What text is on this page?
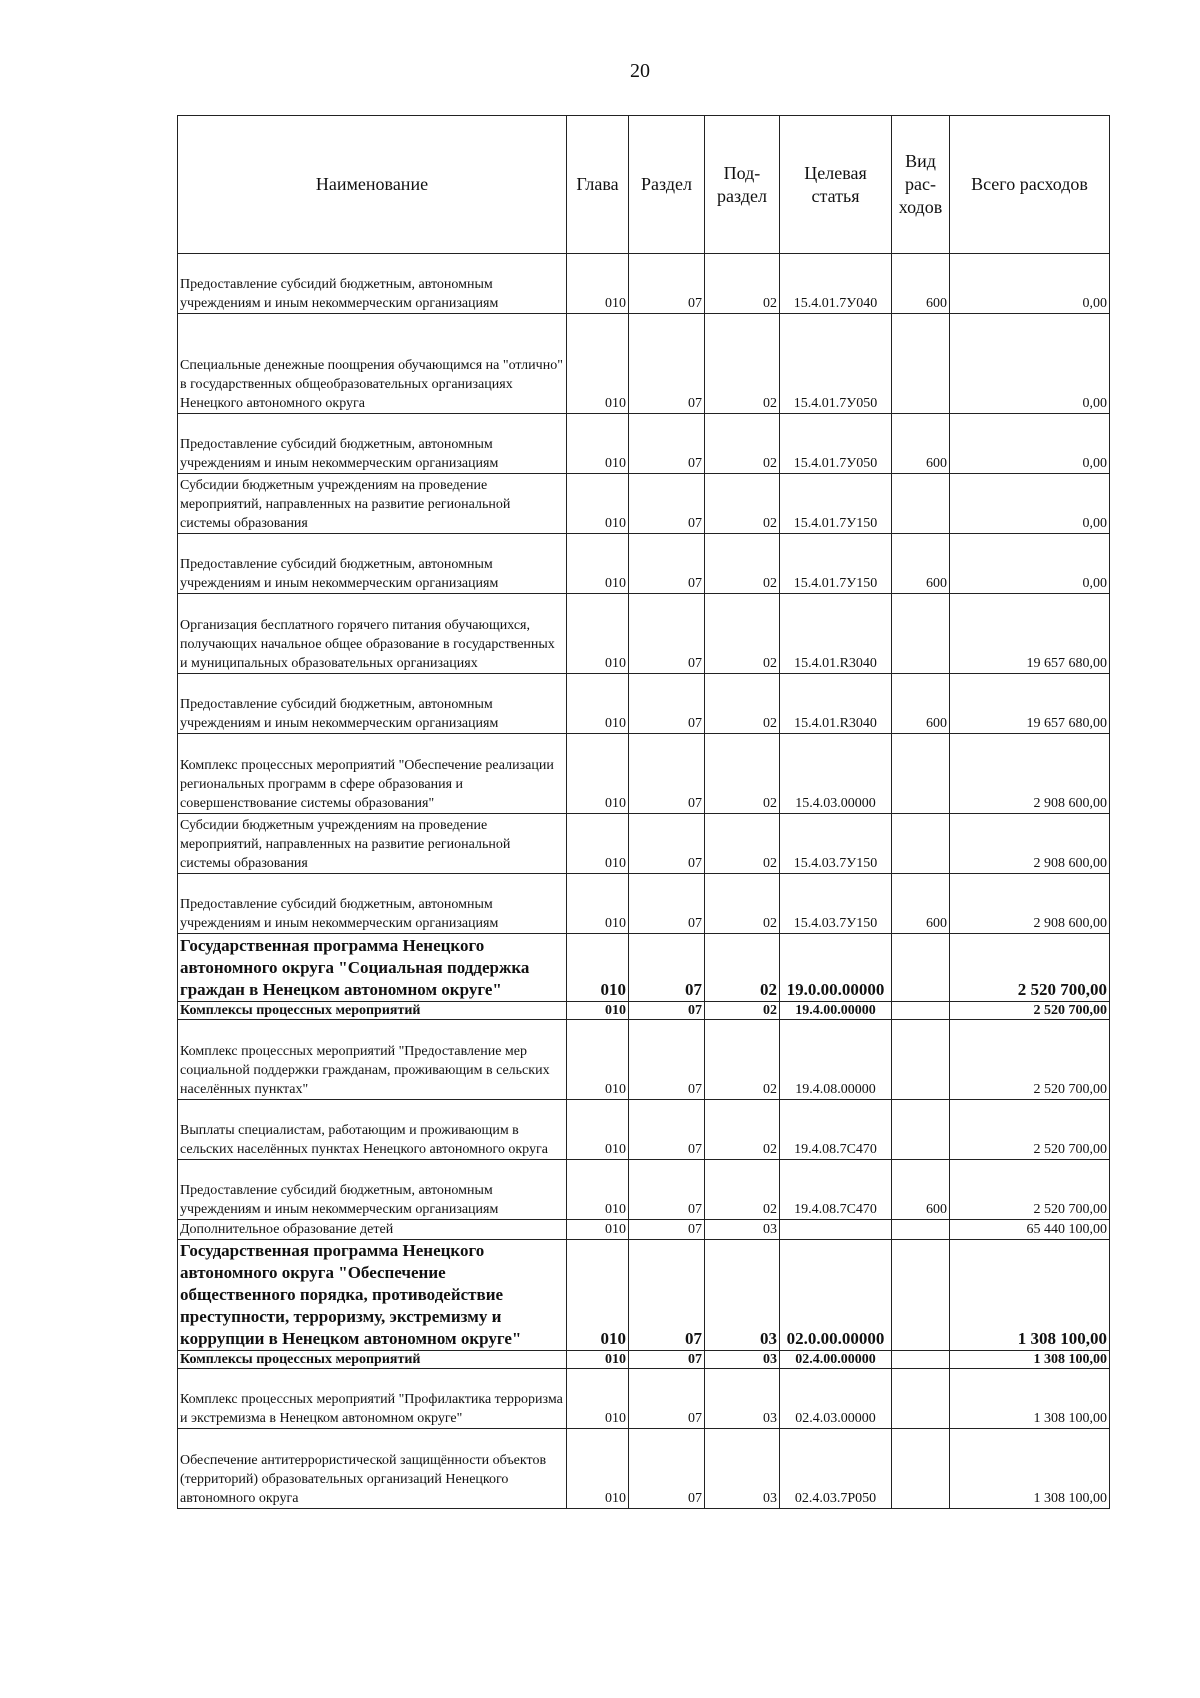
20
Наименование	Глава	Раздел	Под-раздел	Целевая статья	Вид рас-ходов	Всего расходов
Предоставление субсидий бюджетным, автономным учреждениям и иным некоммерческим организациям	010	07	02	15.4.01.7У040	600	0,00
Специальные денежные поощрения обучающимся на "отлично" в государственных общеобразовательных организациях Ненецкого автономного округа	010	07	02	15.4.01.7У050		0,00
Предоставление субсидий бюджетным, автономным учреждениям и иным некоммерческим организациям	010	07	02	15.4.01.7У050	600	0,00
Субсидии бюджетным учреждениям на проведение мероприятий, направленных на развитие региональной системы образования	010	07	02	15.4.01.7У150		0,00
Предоставление субсидий бюджетным, автономным учреждениям и иным некоммерческим организациям	010	07	02	15.4.01.7У150	600	0,00
Организация бесплатного горячего питания обучающихся, получающих начальное общее образование в государственных и муниципальных образовательных организациях	010	07	02	15.4.01.R3040		19 657 680,00
Предоставление субсидий бюджетным, автономным учреждениям и иным некоммерческим организациям	010	07	02	15.4.01.R3040	600	19 657 680,00
Комплекс процессных мероприятий "Обеспечение реализации региональных программ в сфере образования и совершенствование системы образования"	010	07	02	15.4.03.00000		2 908 600,00
Субсидии бюджетным учреждениям на проведение мероприятий, направленных на развитие региональной системы образования	010	07	02	15.4.03.7У150		2 908 600,00
Предоставление субсидий бюджетным, автономным учреждениям и иным некоммерческим организациям	010	07	02	15.4.03.7У150	600	2 908 600,00
Государственная программа Ненецкого автономного округа "Социальная поддержка граждан в Ненецком автономном округе"	010	07	02	19.0.00.00000		2 520 700,00
Комплексы процессных мероприятий	010	07	02	19.4.00.00000		2 520 700,00
Комплекс процессных мероприятий "Предоставление мер социальной поддержки гражданам, проживающим в сельских населённых пунктах"	010	07	02	19.4.08.00000		2 520 700,00
Выплаты специалистам, работающим и проживающим в сельских населённых пунктах Ненецкого автономного округа	010	07	02	19.4.08.7С470		2 520 700,00
Предоставление субсидий бюджетным, автономным учреждениям и иным некоммерческим организациям	010	07	02	19.4.08.7С470	600	2 520 700,00
Дополнительное образование детей	010	07	03			65 440 100,00
Государственная программа Ненецкого автономного округа "Обеспечение общественного порядка, противодействие преступности, терроризму, экстремизму и коррупции в Ненецком автономном округе"	010	07	03	02.0.00.00000		1 308 100,00
Комплексы процессных мероприятий	010	07	03	02.4.00.00000		1 308 100,00
Комплекс процессных мероприятий "Профилактика терроризма и экстремизма в Ненецком автономном округе"	010	07	03	02.4.03.00000		1 308 100,00
Обеспечение антитеррористической защищённости объектов (территорий) образовательных организаций Ненецкого автономного округа	010	07	03	02.4.03.7Р050		1 308 100,00
